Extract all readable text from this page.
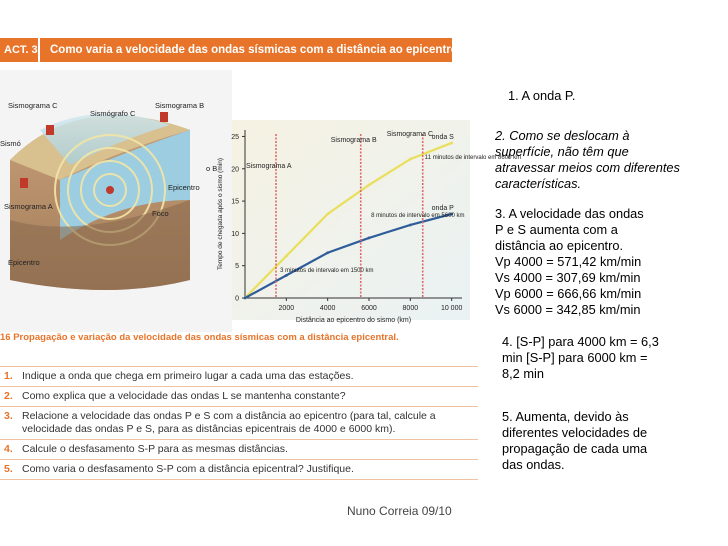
ACT. 3 Como varia a velocidade das ondas sísmicas com a distância ao epicentro?
Sismograma C
Sismógrafo C
Sismograma B
Sismó
o B
Epicentro
Sismograma A
Foco
Epicentro
2000	4000	6000	8000	10 000
0
5
10
15
20
25
Distância ao epicentro do sismo (km)
Tempo de chegada após o sismo (min)
onda S
onda P
Sismograma A
Sismograma B
Sismograma C
3 minutos de intervalo em 1500 km
8 minutos de intervalo em 5600 km
11 minutos de intervalo em 8600 km
16 Propagação e variação da velocidade das ondas sísmicas com a distância epicentral.
1. Indique a onda que chega em primeiro lugar a cada uma das estações.
2. Como explica que a velocidade das ondas L se mantenha constante?
3. Relacione a velocidade das ondas P e S com a distância ao epicentro (para tal, calcule a velocidade das ondas P e S, para as distâncias epicentrais de 4000 e 6000 km).
4. Calcule o desfasamento S-P para as mesmas distâncias.
5. Como varia o desfasamento S-P com a distância epicentral? Justifique.
Nuno Correia 09/10
1. A onda P.
2. Como se deslocam à
superfície, não têm que
atravessar meios com diferentes
características.
3. A velocidade das ondas
P e S aumenta com a
distância ao epicentro.
Vp 4000 = 571,42 km/min
Vs 4000 = 307,69 km/min
Vp 6000 = 666,66 km/min
Vs 6000 = 342,85 km/min
4. [S-P] para 4000 km = 6,3
min [S-P] para 6000 km =
8,2 min
5. Aumenta, devido às
diferentes velocidades de
propagação de cada uma
das ondas.
